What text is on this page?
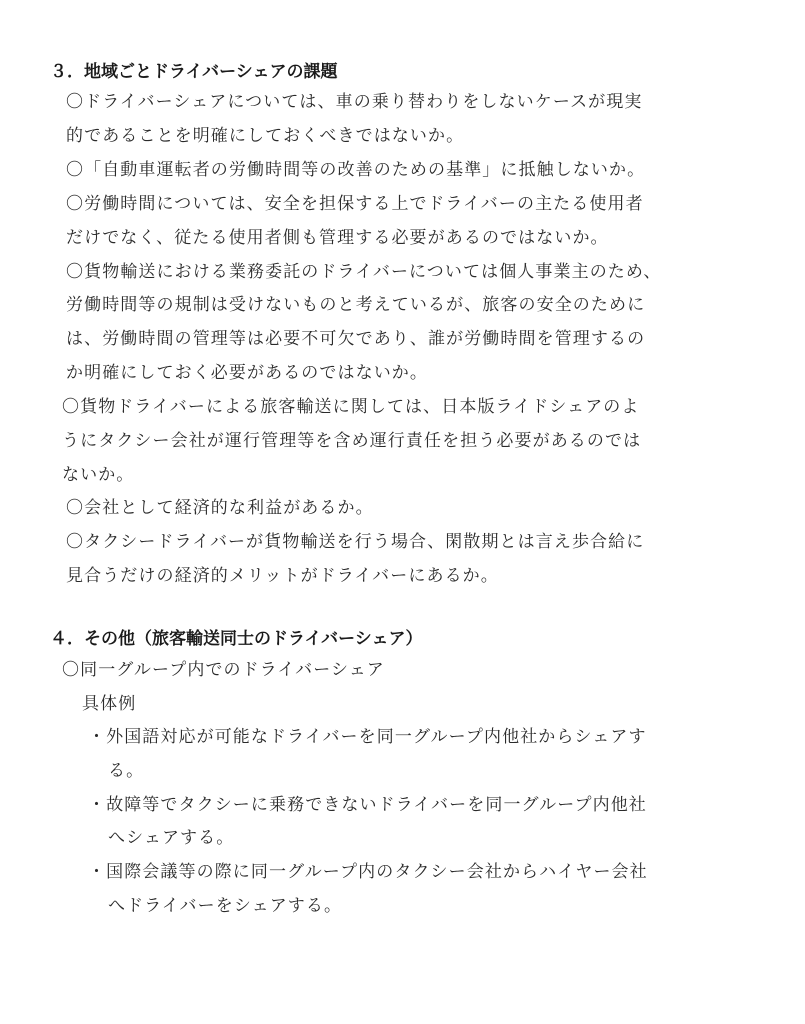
３．地域ごとドライバーシェアの課題
〇ドライバーシェアについては、車の乗り替わりをしないケースが現実
的であることを明確にしておくべきではないか。
〇「自動車運転者の労働時間等の改善のための基準」に抵触しないか。
〇労働時間については、安全を担保する上でドライバーの主たる使用者
だけでなく、従たる使用者側も管理する必要があるのではないか。
〇貨物輸送における業務委託のドライバーについては個人事業主のため、
労働時間等の規制は受けないものと考えているが、旅客の安全のために
は、労働時間の管理等は必要不可欠であり、誰が労働時間を管理するの
か明確にしておく必要があるのではないか。
〇貨物ドライバーによる旅客輸送に関しては、日本版ライドシェアのよ
うにタクシー会社が運行管理等を含め運行責任を担う必要があるのでは
ないか。
〇会社として経済的な利益があるか。
〇タクシードライバーが貨物輸送を行う場合、閑散期とは言え歩合給に
見合うだけの経済的メリットがドライバーにあるか。
４．その他（旅客輸送同士のドライバーシェア）
〇同一グループ内でのドライバーシェア
具体例
・外国語対応が可能なドライバーを同一グループ内他社からシェアす
る。
・故障等でタクシーに乗務できないドライバーを同一グループ内他社
へシェアする。
・国際会議等の際に同一グループ内のタクシー会社からハイヤー会社
へドライバーをシェアする。
